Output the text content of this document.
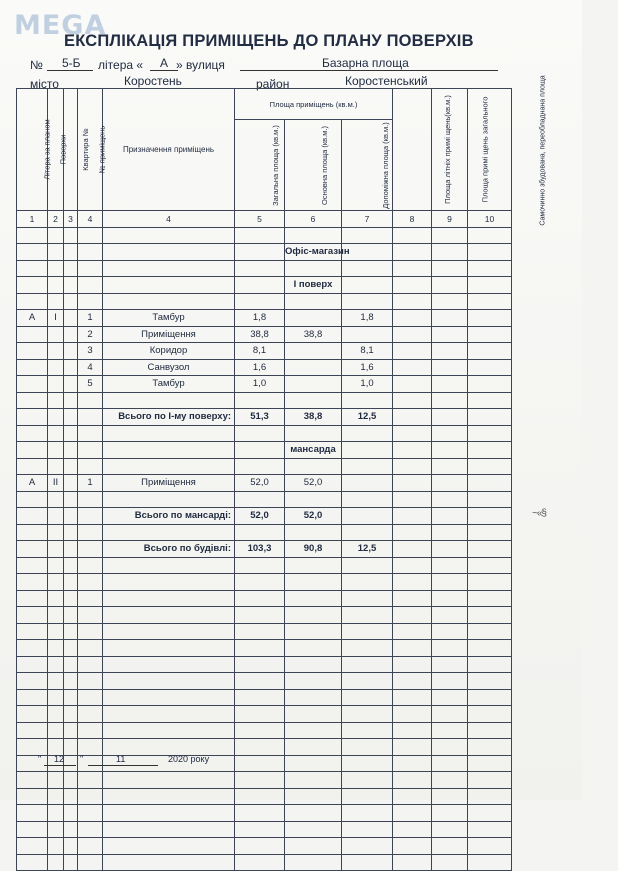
MEGA
ЕКСПЛІКАЦІЯ ПРИМІЩЕНЬ ДО ПЛАНУ ПОВЕРХІВ
№ 5-Б літера « А » вулиця	Базарна площа
місто	Коростень	район	Коростенський
Літера за планом	Поверхи	Квартира №	№ приміщень	Призначення приміщень	Площа приміщень (кв.м.)			Площа літніх примі щень(кв.м.)	Площа примі щень загального	Самочинно збудована, переобладнана площа
					Загальна площа (кв.м.)	Основна площа (кв.м.)	Допоміжна площа (кв.м.)			
1	2	3	4	4	5	6	7	8	9	10

						Офіс-магазин				

						І поверх				

А	І		1	Тамбур	1,8		1,8			
			2	Приміщення	38,8	38,8				
			3	Коридор	8,1		8,1			
			4	Санвузол	1,6		1,6			
			5	Тамбур	1,0		1,0			

				Всього по І-му поверху:	51,3	38,8	12,5			

						мансарда				

А	ІІ		1	Приміщення	52,0	52,0				

				Всього по мансарді:	52,0	52,0				

				Всього по будівлі:	103,3	90,8	12,5			

~«§
" 12 "	11	2020 року
